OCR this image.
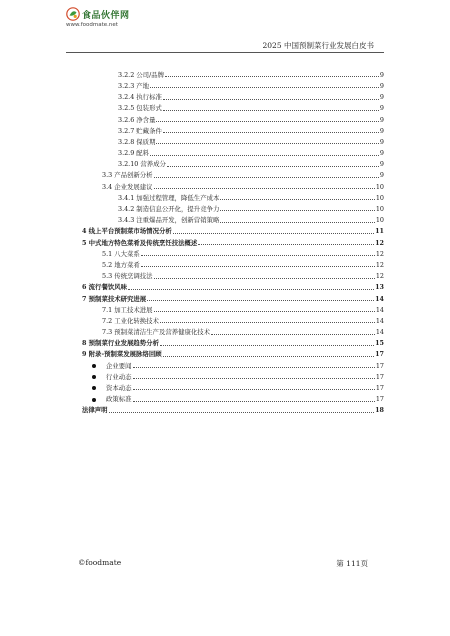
食品伙伴网
www.foodmate.net
2025 中国预制菜行业发展白皮书
3.2.2 公司/品牌	9
3.2.3 产地	9
3.2.4 执行标准	9
3.2.5 包装形式	9
3.2.6 净含量	9
3.2.7 贮藏条件	9
3.2.8 保质期	9
3.2.9 配料	9
3.2.10 营养成分	9
3.3 产品创新分析	9
3.4 企业发展建议	10
3.4.1 加强过程管理，降低生产成本	10
3.4.2 制造信息公开化，提升竞争力	10
3.4.3 注重爆品开发，创新营销策略	10
4 线上平台预制菜市场情况分析	11
5 中式地方特色菜肴及传统烹饪技法概述	12
5.1 八大菜系	12
5.2 地方菜肴	12
5.3 传统烹调技法	12
6 流行餐饮风味	13
7 预制菜技术研究进展	14
7.1 加工技术进展	14
7.2 工业化转换技术	14
7.3 预制菜清洁生产及营养健康化技术	14
8 预制菜行业发展趋势分析	15
9 附录-预制菜发展脉络回顾	17
企业要闻	17
行业动态	17
资本动态	17
政策标准	17
法律声明	18
©foodmate	第 111页
